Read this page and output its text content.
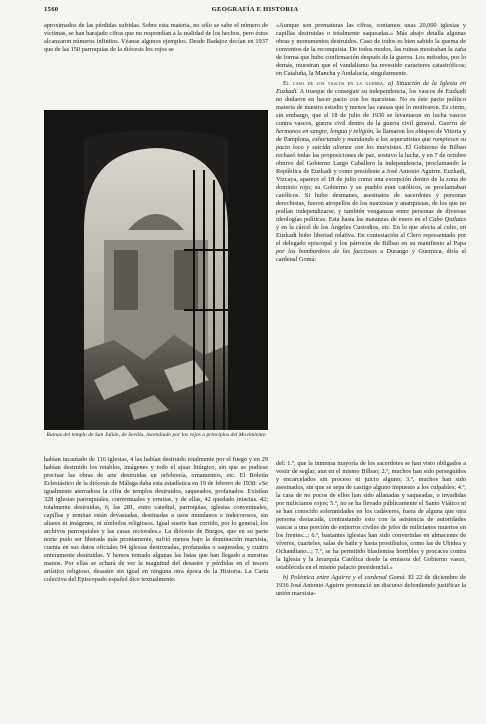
1560	GEOGRAFÍA E HISTORIA

aproximados de las pérdidas sufridas. Sobre esta materia, no sólo se sabe el número de víctimas, se han barajado cifras que no respondían a la realidad de los hechos, pero éstos alcanzaron números infinitos. Véanse algunos ejemplos. Desde Badajoz decían en 1937 que de las 150 parroquias de la diócesis los rojos se

Ruinas del templo de San Julián, de Sevilla, incendiado por los rojos a principios del Movimiento

«Aunque son prematuras las cifras, contamos unas 20,000 iglesias y capillas destruidas o totalmente saqueadas.» Más abajo detalla algunas obras y monumentos destruidos. Caso de todos es bien sabido la quema de conventos de la reconquista. De todos modos, las ruinas mostraban la zaña de forma que hubo confirmación después de la guerra. Los métodos, por lo demás, muestran que el vandalismo ha revestido caracteres catastróficos; en Cataluña, la Mancha y Andalucía, singularmente.

El caso de los vascos en la guerra. a) Situación de la Iglesia en Euzkadi. A trueque de conseguir su independencia, los vascos de Euzkadi no dudaron en hacer pacto con los marxistas. No es éste pacto político materia de nuestro estudio y menos las causas que lo motivaron. Es cierto, sin embargo, que el 18 de julio de 1936 se levantaron en lucha vascos contra vascos, guerra civil dentro de la guerra civil general. Guerra de hermanos en sangre, lengua y religión, la llamaron los obispos de Vitoria y de Pamplona, exhortando y mandando a los separatistas que rompiesen su pacto loco y suicida alianza con los marxistas. El Gobierno de Bilbao rechazó todas las proposiciones de paz, sostuvo la lucha, y en 7 de octubre obtuvo del Gobierno Largo Caballero la independencia, proclamando la República de Euzkadi y como presidente a José Antonio Aguirre. Euzkadi, Vizcaya, aparece el 18 de julio como una excepción dentro de la zona de dominio rojo; su Gobierno y su pueblo eran católicos, se proclamaban católicos. Si hubo desmanes, asesinatos de sacerdotes y personas derechistas, fueron atropellos de los marxistas y anarquistas, de los que no podían independizarse, y también venganzas entre personas de diversas ideologías políticas. Esta hasta las matanzas de enero en el Cabo Quilates y en la cárcel de los Ángeles Custodios, etc. En lo que afecta al culto, en Euzkadi hubo libertad relativa. En contestación al Clero representado por el delegado episcopal y los párrocos de Bilbao en su manifiesto al Papa por los bombardeos de las facciosas a Durango y Guernica, diría el cardenal Gomá:

habían incautado de 116 iglesias, 4 las habían destruido totalmente por el fuego y en 29 habían destruido los retablos, imágenes y todo el ajuar litúrgico, sin que se pudiese precisar las obras de arte destruidas en orfebrería, ornamentos, etc. El Boletín Eclesiástico de la diócesis de Málaga daba esta estadística en 19 de febrero de 1938: «Se igualmente aterradora la cifra de templos destruidos, saqueados, profanados. Existían 328 iglesias parroquiales, conventuales y ermitas, y de ellas, 42 quedado intactas. 42; totalmente destruidas, 6; las 281, entre catedral, parroquias, iglesias conventuales, capillas y ermitas están devastadas, destinadas a usos mundanos e indecorosos, sin altares ni imágenes, ni símbolos religiosos. Igual suerte han corrido, por lo general, los archivos parroquiales y las casas rectorales.» La diócesis de Burgos, que en su parte norte pudo ser liberada más prontamente, sufrió menos bajo la dominación marxista, cuenta en sus datos oficiales 94 iglesias destrozadas, profanadas o saqueadas, y cuatro enteramente destruidas. Y hemos tomado algunas las listas que han llegado a nuestras manos. Por ellas se echará de ver la magnitud del desastre y pérdidas en el tesoro artístico religioso, desastre sin igual en ninguna otra época de la Historia. La Carta colectiva del Episcopado español dice textualmente:

del: 1.º, que la inmensa mayoría de los sacerdotes se han visto obligados a vestir de seglar, aun en el mismo Bilbao; 2.º, muchos han sido perseguidos y encarcelados sin proceso ni juicio alguno; 3.º, muchos han sido asesinados, sin que se sepa de castigo alguno impuesto a los culpables; 4.º, la casa de no pocos de ellos han sido allanadas y saqueadas, o invadidas por milicianos rojos; 5.º, no se ha llevado públicamente el Santo Viático ni se han conocido solemnidades en los cadáveres, fuera de alguna que otra persona destacada, contrastando esto con la asistencia de autoridades vascas a una porción de entierros civiles de jefes de milicianos muertos en los frentes...; 6.º, bastantes iglesias han sido convertidas en almacenes de víveres, cuarteles, salas de baile y hasta prostíbulos, como las de Ubidea y Ochandiano...; 7.º, se ha permitido blasfemias horribles y procaces contra la Iglesia y la Jerarquía Católica desde la emisora del Gobierno vasco, establecida en el mismo palacio presidencial.»

b) Polémica entre Aguirre y el cardenal Gomá. El 22 de diciembre de 1936 José Antonio Aguirre pronunció un discurso defendiendo justificar la unión marxista-
